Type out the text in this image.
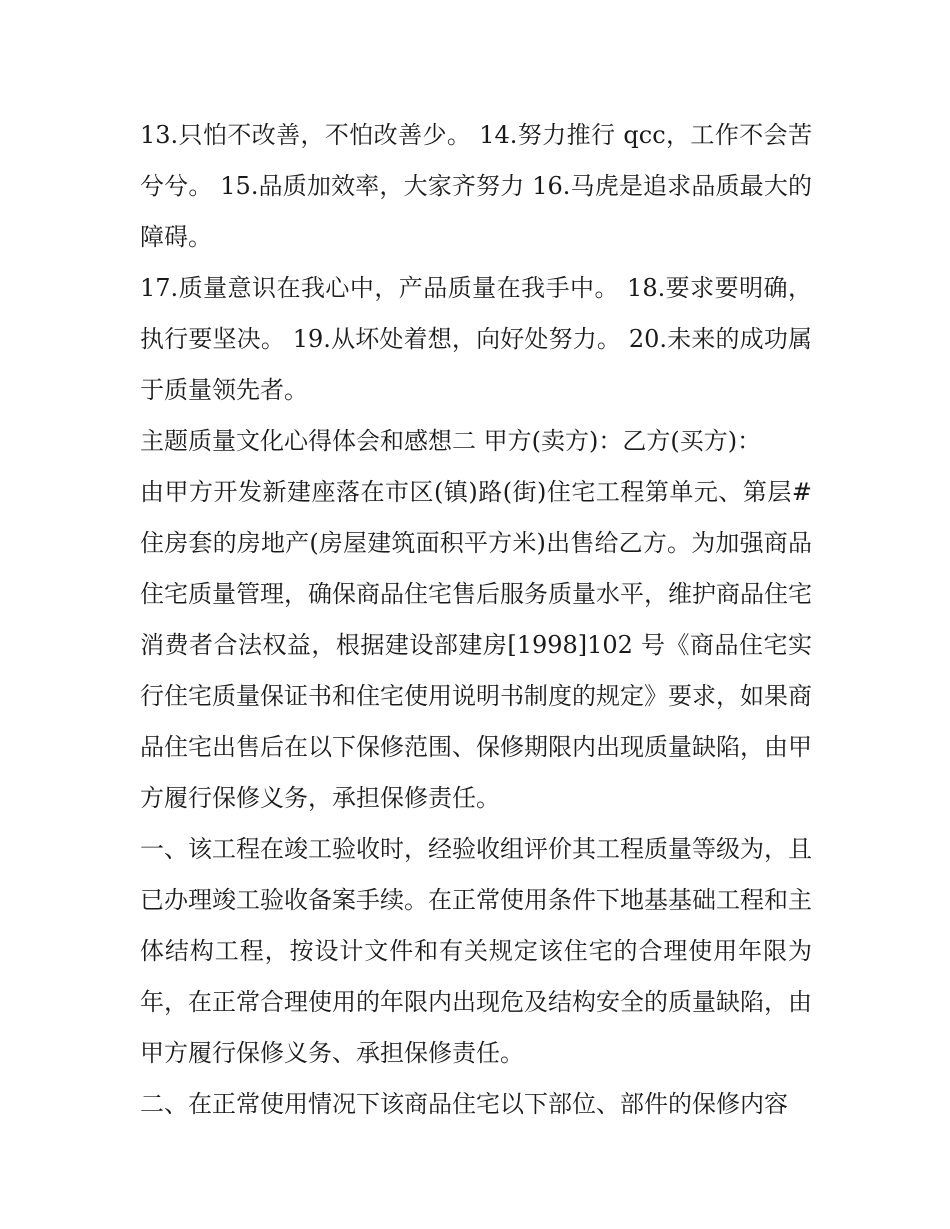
13.只怕不改善，不怕改善少。 14.努力推行 qcc，工作不会苦兮兮。 15.品质加效率，大家齐努力 16.马虎是追求品质最大的障碍。

17.质量意识在我心中，产品质量在我手中。 18.要求要明确，执行要坚决。 19.从坏处着想，向好处努力。 20.未来的成功属于质量领先者。

主题质量文化心得体会和感想二 甲方(卖方)：乙方(买方)：

由甲方开发新建座落在市区(镇)路(街)住宅工程第单元、第层#住房套的房地产(房屋建筑面积平方米)出售给乙方。为加强商品住宅质量管理，确保商品住宅售后服务质量水平，维护商品住宅消费者合法权益，根据建设部建房[1998]102 号《商品住宅实行住宅质量保证书和住宅使用说明书制度的规定》要求，如果商品住宅出售后在以下保修范围、保修期限内出现质量缺陷，由甲方履行保修义务，承担保修责任。

一、该工程在竣工验收时，经验收组评价其工程质量等级为，且已办理竣工验收备案手续。在正常使用条件下地基基础工程和主体结构工程，按设计文件和有关规定该住宅的合理使用年限为年，在正常合理使用的年限内出现危及结构安全的质量缺陷，由甲方履行保修义务、承担保修责任。

二、在正常使用情况下该商品住宅以下部位、部件的保修内容
